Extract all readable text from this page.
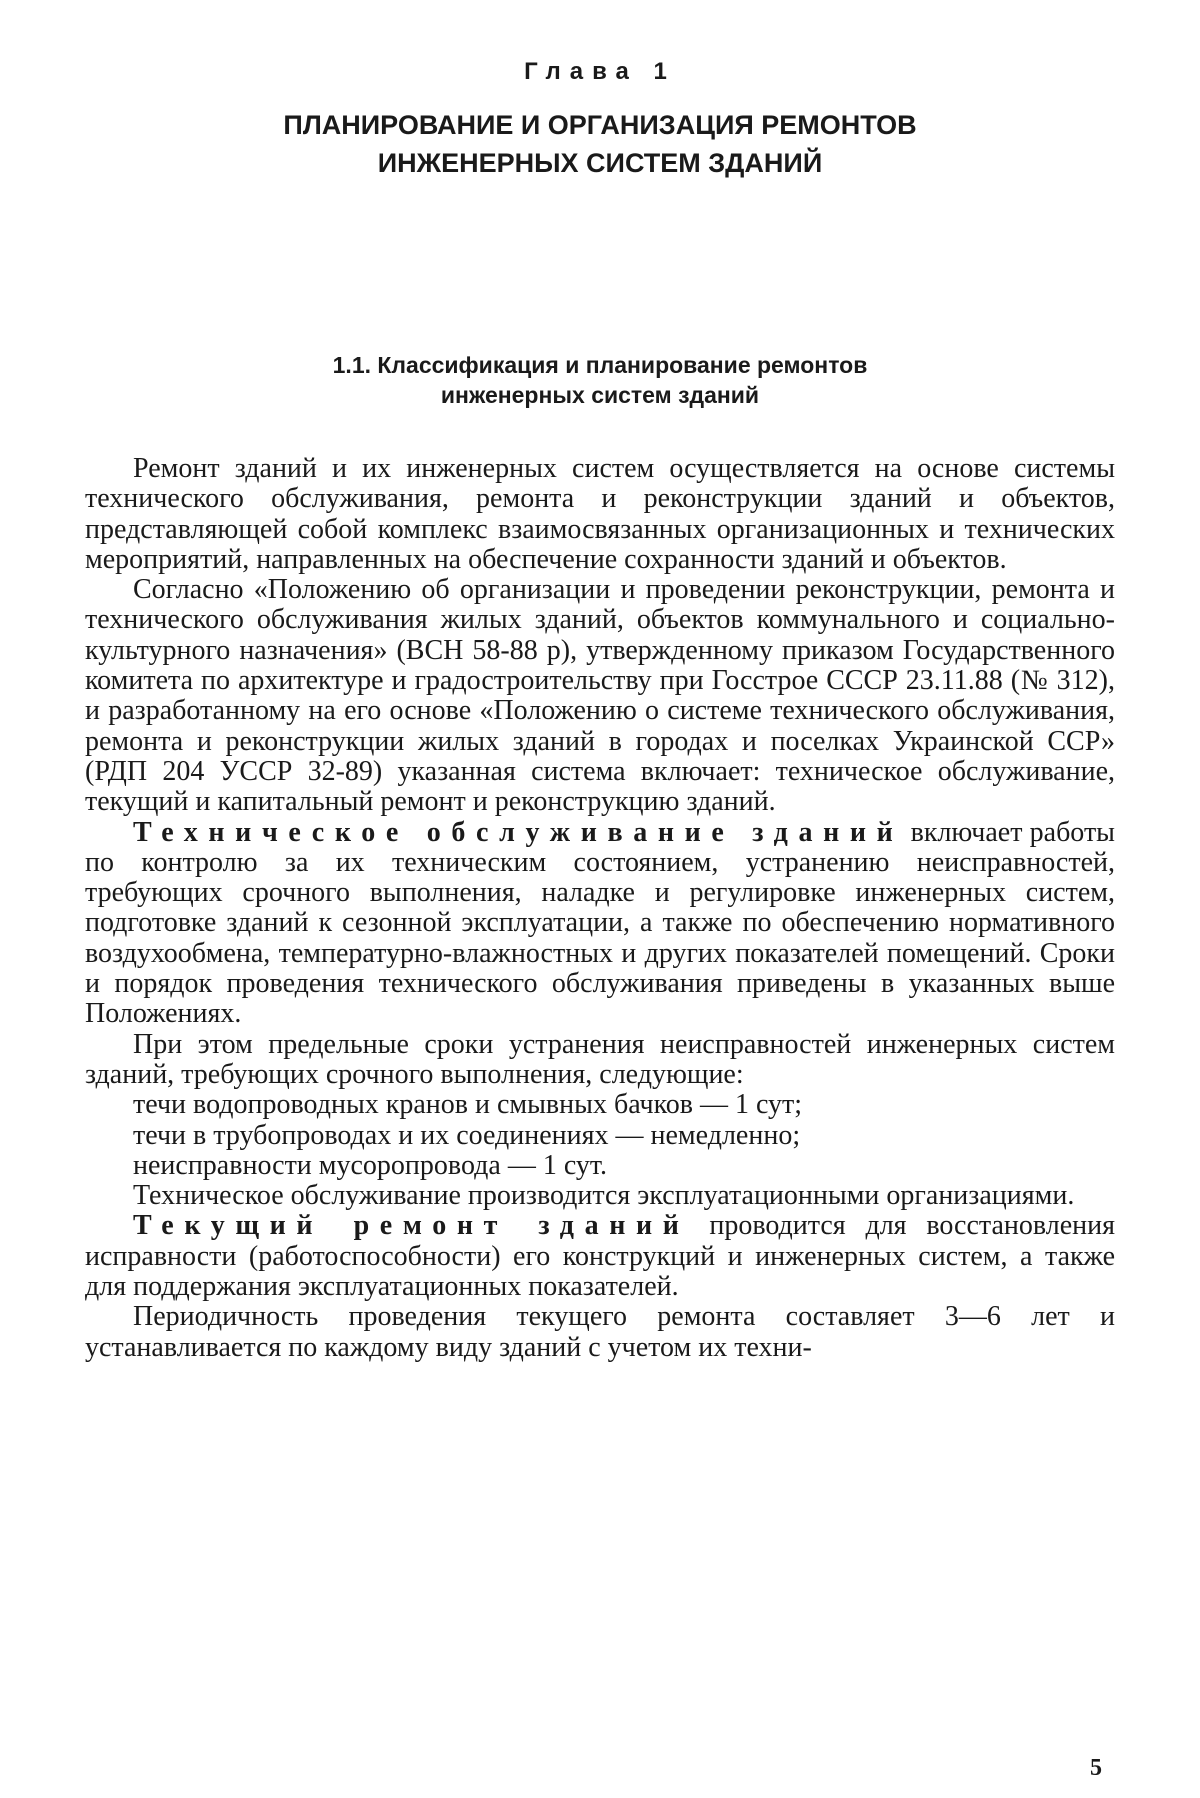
Глава 1
ПЛАНИРОВАНИЕ И ОРГАНИЗАЦИЯ РЕМОНТОВ
ИНЖЕНЕРНЫХ СИСТЕМ ЗДАНИЙ
1.1. Классификация и планирование ремонтов
инженерных систем зданий

Ремонт зданий и их инженерных систем осуществляется на основе системы технического обслуживания, ремонта и реконструкции зданий и объектов, представляющей собой комплекс взаимосвязанных организационных и технических мероприятий, направленных на обеспечение сохранности зданий и объектов.

Согласно «Положению об организации и проведении реконструкции, ремонта и технического обслуживания жилых зданий, объектов коммунального и социально-культурного назначения» (ВСН 58-88 р), утвержденному приказом Государственного комитета по архитектуре и градостроительству при Госстрое СССР 23.11.88 (№ 312), и разработанному на его основе «Положению о системе технического обслуживания, ремонта и реконструкции жилых зданий в городах и поселках Украинской ССР» (РДП 204 УССР 32-89) указанная система включает: техническое обслуживание, текущий и капитальный ремонт и реконструкцию зданий.

Техническое обслуживание зданий включает работы по контролю за их техническим состоянием, устранению неисправностей, требующих срочного выполнения, наладке и регулировке инженерных систем, подготовке зданий к сезонной эксплуатации, а также по обеспечению нормативного воздухообмена, температурно-влажностных и других показателей помещений. Сроки и порядок проведения технического обслуживания приведены в указанных выше Положениях.

При этом предельные сроки устранения неисправностей инженерных систем зданий, требующих срочного выполнения, следующие:

течи водопроводных кранов и смывных бачков — 1 сут;

течи в трубопроводах и их соединениях — немедленно;

неисправности мусоропровода — 1 сут.

Техническое обслуживание производится эксплуатационными организациями.

Текущий ремонт зданий проводится для восстановления исправности (работоспособности) его конструкций и инженерных систем, а также для поддержания эксплуатационных показателей.

Периодичность проведения текущего ремонта составляет 3—6 лет и устанавливается по каждому виду зданий с учетом их техни-

5
